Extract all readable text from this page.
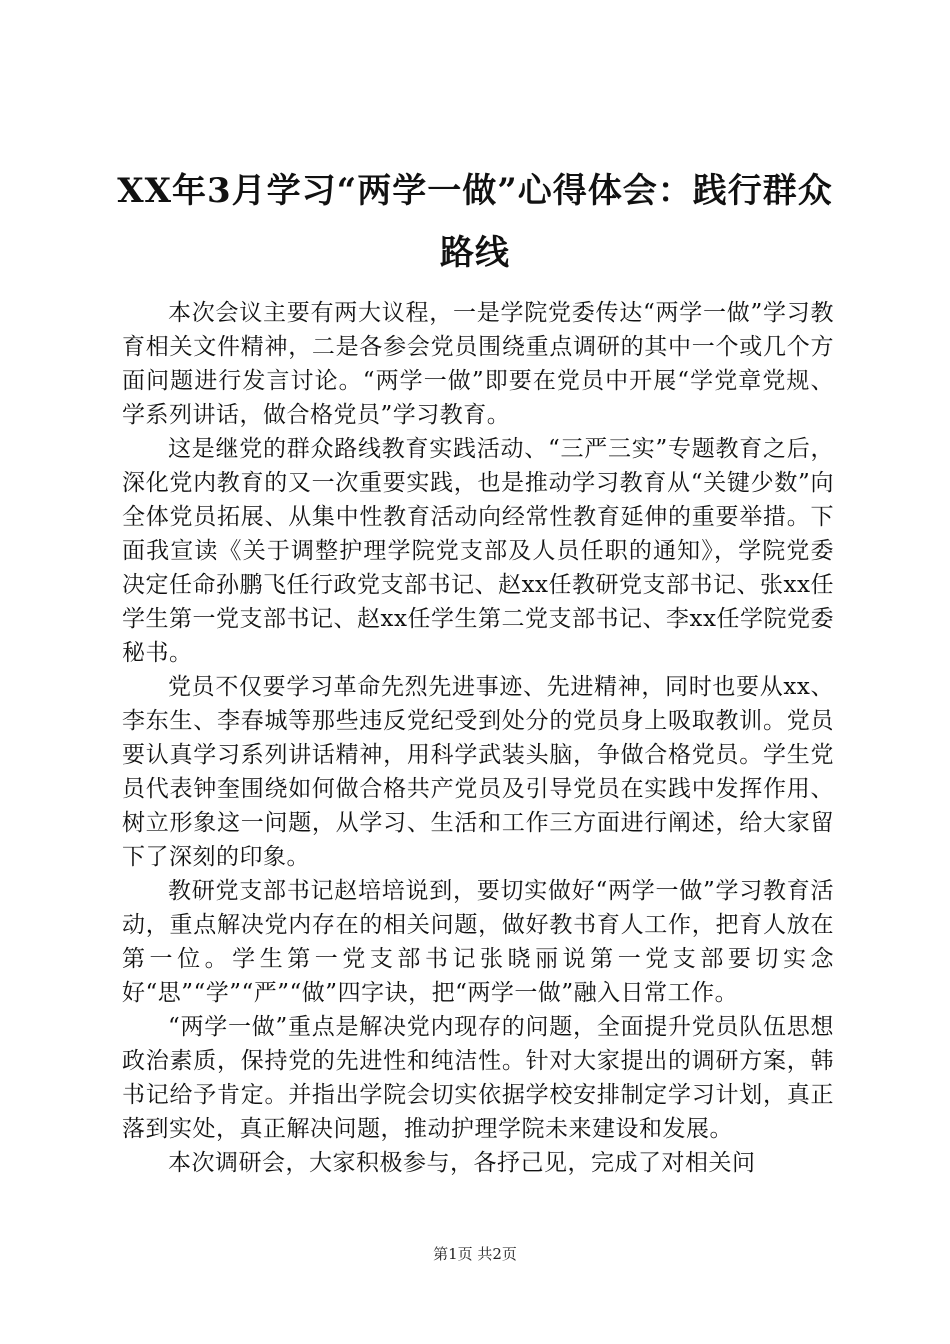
XX年3月学习“两学一做”心得体会：践行群众路线

本次会议主要有两大议程，一是学院党委传达“两学一做”学习教育相关文件精神，二是各参会党员围绕重点调研的其中一个或几个方面问题进行发言讨论。“两学一做”即要在党员中开展“学党章党规、学系列讲话，做合格党员”学习教育。

这是继党的群众路线教育实践活动、“三严三实”专题教育之后，深化党内教育的又一次重要实践，也是推动学习教育从“关键少数”向全体党员拓展、从集中性教育活动向经常性教育延伸的重要举措。下面我宣读《关于调整护理学院党支部及人员任职的通知》，学院党委决定任命孙鹏飞任行政党支部书记、赵xx任教研党支部书记、张xx任学生第一党支部书记、赵xx任学生第二党支部书记、李xx任学院党委秘书。

党员不仅要学习革命先烈先进事迹、先进精神，同时也要从xx、李东生、李春城等那些违反党纪受到处分的党员身上吸取教训。党员要认真学习系列讲话精神，用科学武装头脑，争做合格党员。学生党员代表钟奎围绕如何做合格共产党员及引导党员在实践中发挥作用、树立形象这一问题，从学习、生活和工作三方面进行阐述，给大家留下了深刻的印象。

教研党支部书记赵培培说到，要切实做好“两学一做”学习教育活动，重点解决党内存在的相关问题，做好教书育人工作，把育人放在第一位。学生第一党支部书记张晓丽说第一党支部要切实念好“思”“学”“严”“做”四字诀，把“两学一做”融入日常工作。

“两学一做”重点是解决党内现存的问题，全面提升党员队伍思想政治素质，保持党的先进性和纯洁性。针对大家提出的调研方案，韩书记给予肯定。并指出学院会切实依据学校安排制定学习计划，真正落到实处，真正解决问题，推动护理学院未来建设和发展。

本次调研会，大家积极参与，各抒己见，完成了对相关问

第1页 共2页
